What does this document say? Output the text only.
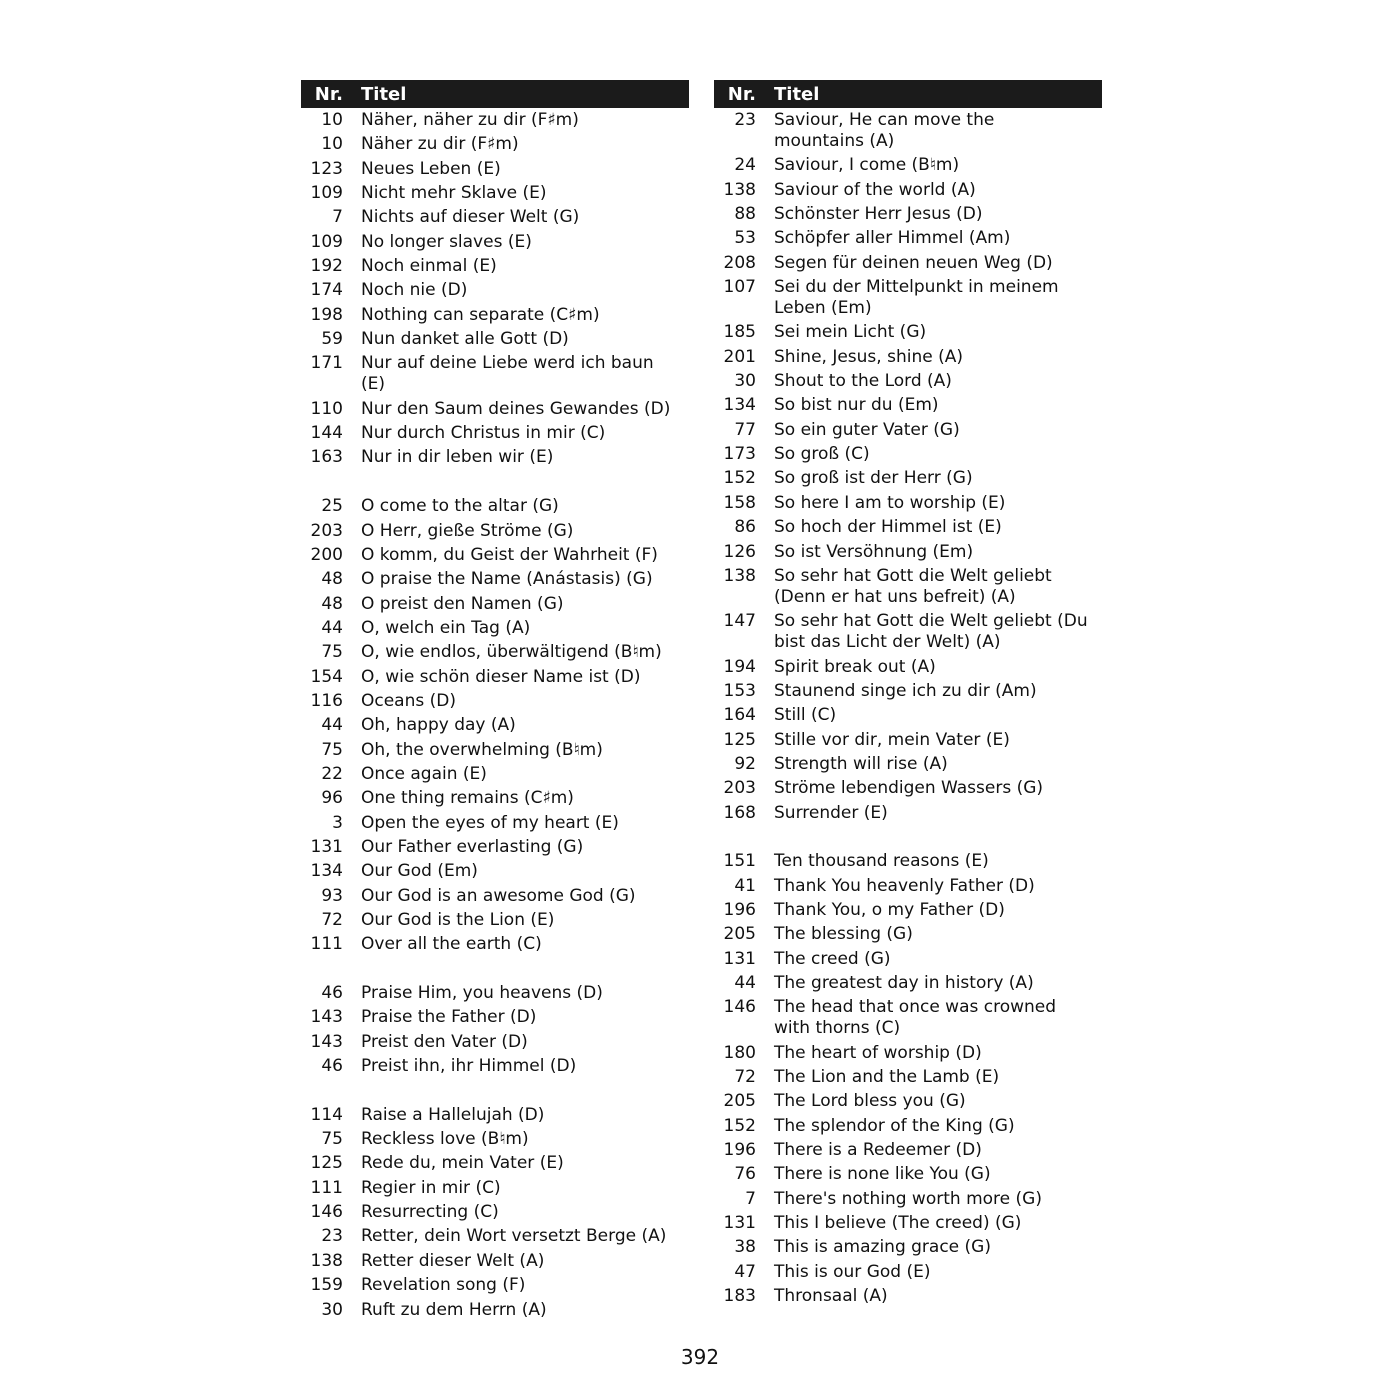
Nr. Titel
10 Näher, näher zu dir (F♯m)
10 Näher zu dir (F♯m)
123 Neues Leben (E)
109 Nicht mehr Sklave (E)
7 Nichts auf dieser Welt (G)
109 No longer slaves (E)
192 Noch einmal (E)
174 Noch nie (D)
198 Nothing can separate (C♯m)
59 Nun danket alle Gott (D)
171 Nur auf deine Liebe werd ich baun (E)
110 Nur den Saum deines Gewandes (D)
144 Nur durch Christus in mir (C)
163 Nur in dir leben wir (E)
25 O come to the altar (G)
203 O Herr, gieße Ströme (G)
200 O komm, du Geist der Wahrheit (F)
48 O praise the Name (Anástasis) (G)
48 O preist den Namen (G)
44 O, welch ein Tag (A)
75 O, wie endlos, überwältigend (B♮m)
154 O, wie schön dieser Name ist (D)
116 Oceans (D)
44 Oh, happy day (A)
75 Oh, the overwhelming (B♮m)
22 Once again (E)
96 One thing remains (C♯m)
3 Open the eyes of my heart (E)
131 Our Father everlasting (G)
134 Our God (Em)
93 Our God is an awesome God (G)
72 Our God is the Lion (E)
111 Over all the earth (C)
46 Praise Him, you heavens (D)
143 Praise the Father (D)
143 Preist den Vater (D)
46 Preist ihn, ihr Himmel (D)
114 Raise a Hallelujah (D)
75 Reckless love (B♮m)
125 Rede du, mein Vater (E)
111 Regier in mir (C)
146 Resurrecting (C)
23 Retter, dein Wort versetzt Berge (A)
138 Retter dieser Welt (A)
159 Revelation song (F)
30 Ruft zu dem Herrn (A)
Nr. Titel
23 Saviour, He can move the mountains (A)
24 Saviour, I come (B♮m)
138 Saviour of the world (A)
88 Schönster Herr Jesus (D)
53 Schöpfer aller Himmel (Am)
208 Segen für deinen neuen Weg (D)
107 Sei du der Mittelpunkt in meinem Leben (Em)
185 Sei mein Licht (G)
201 Shine, Jesus, shine (A)
30 Shout to the Lord (A)
134 So bist nur du (Em)
77 So ein guter Vater (G)
173 So groß (C)
152 So groß ist der Herr (G)
158 So here I am to worship (E)
86 So hoch der Himmel ist (E)
126 So ist Versöhnung (Em)
138 So sehr hat Gott die Welt geliebt (Denn er hat uns befreit) (A)
147 So sehr hat Gott die Welt geliebt (Du bist das Licht der Welt) (A)
194 Spirit break out (A)
153 Staunend singe ich zu dir (Am)
164 Still (C)
125 Stille vor dir, mein Vater (E)
92 Strength will rise (A)
203 Ströme lebendigen Wassers (G)
168 Surrender (E)
151 Ten thousand reasons (E)
41 Thank You heavenly Father (D)
196 Thank You, o my Father (D)
205 The blessing (G)
131 The creed (G)
44 The greatest day in history (A)
146 The head that once was crowned with thorns (C)
180 The heart of worship (D)
72 The Lion and the Lamb (E)
205 The Lord bless you (G)
152 The splendor of the King (G)
196 There is a Redeemer (D)
76 There is none like You (G)
7 There's nothing worth more (G)
131 This I believe (The creed) (G)
38 This is amazing grace (G)
47 This is our God (E)
183 Thronsaal (A)
392
